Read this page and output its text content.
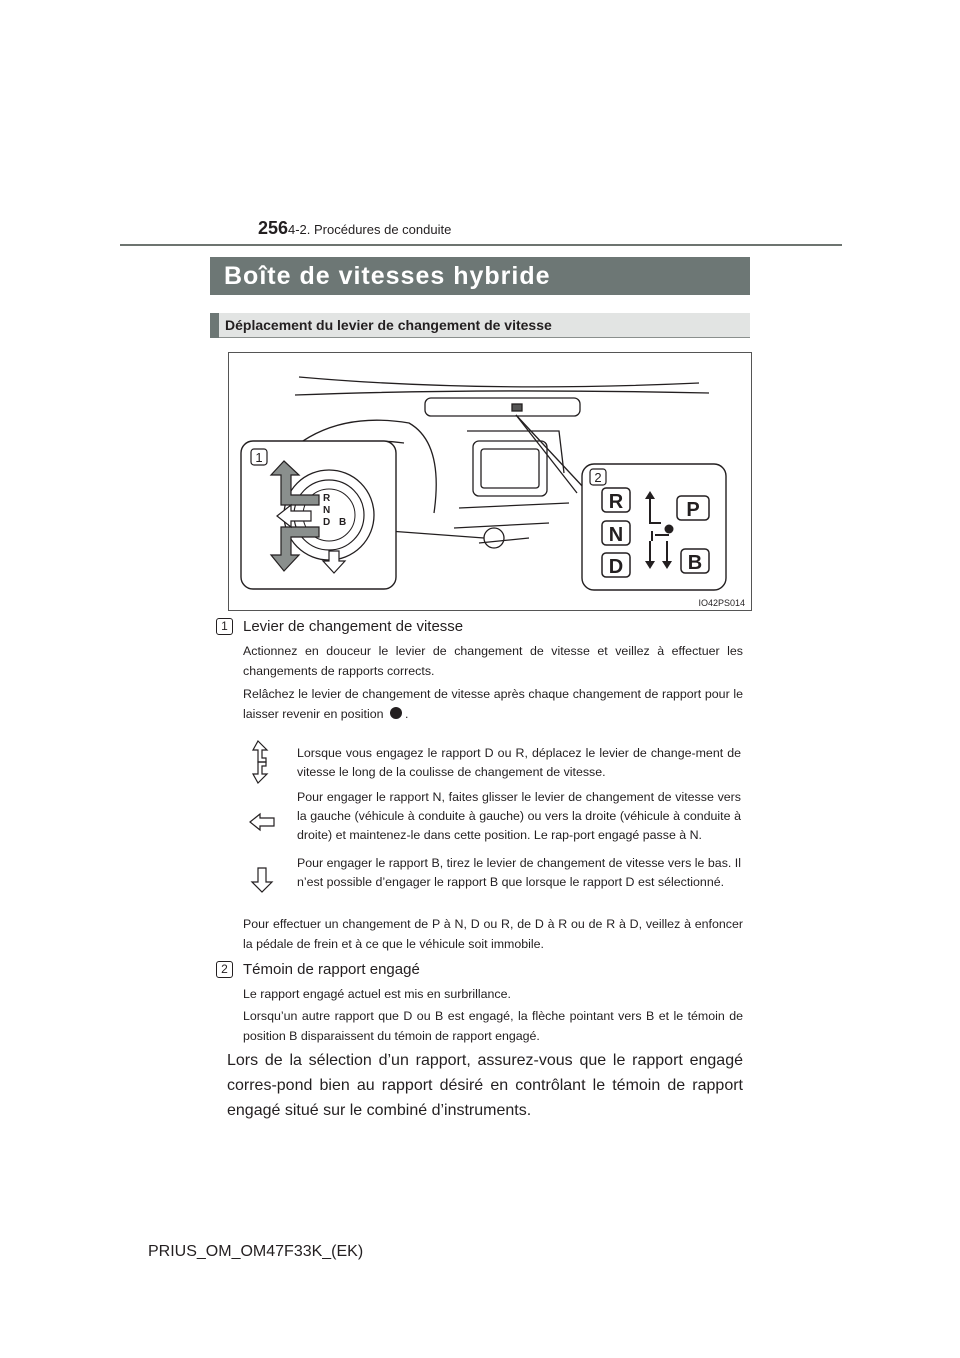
256 4-2. Procédures de conduite
Boîte de vitesses hybride
Déplacement du levier de changement de vitesse
1
R
N
D B
2
R
N
D
P
B
IO42PS014
1	Levier de changement de vitesse
Actionnez en douceur le levier de changement de vitesse et veillez à effectuer les changements de rapports corrects.
Relâchez le levier de changement de vitesse après chaque changement de rapport pour le laisser revenir en position .
Lorsque vous engagez le rapport D ou R, déplacez le levier de change-ment de vitesse le long de la coulisse de changement de vitesse.
Pour engager le rapport N, faites glisser le levier de changement de vitesse vers la gauche (véhicule à conduite à gauche) ou vers la droite (véhicule à conduite à droite) et maintenez-le dans cette position. Le rap-port engagé passe à N.
Pour engager le rapport B, tirez le levier de changement de vitesse vers le bas. Il n’est possible d’engager le rapport B que lorsque le rapport D est sélectionné.
Pour effectuer un changement de P à N, D ou R, de D à R ou de R à D, veillez à enfoncer la pédale de frein et à ce que le véhicule soit immobile.
2	Témoin de rapport engagé
Le rapport engagé actuel est mis en surbrillance.
Lorsqu’un autre rapport que D ou B est engagé, la flèche pointant vers B et le témoin de position B disparaissent du témoin de rapport engagé.
Lors de la sélection d’un rapport, assurez-vous que le rapport engagé corres-pond bien au rapport désiré en contrôlant le témoin de rapport engagé situé sur le combiné d’instruments.
PRIUS_OM_OM47F33K_(EK)
